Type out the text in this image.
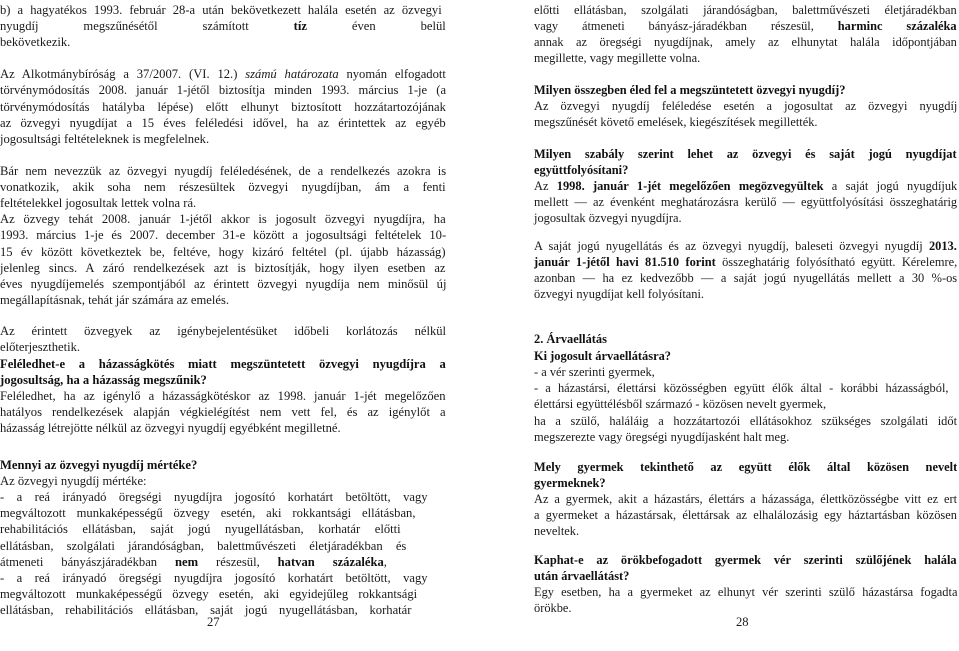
b) a hagyatékos 1993. február 28-a után bekövetkezett halála esetén az özvegyi
nyugdíj megszűnésétől számított tíz éven belül
bekövetkezik.
Az Alkotmánybíróság a 37/2007. (VI. 12.) számú határozata nyomán elfogadott
törvénymódosítás 2008. január 1-jétől biztosítja minden 1993. március 1-je (a
törvénymódosítás hatályba lépése) előtt elhunyt biztosított hozzátartozójának
az özvegyi nyugdíjat a 15 éves feléledési idővel, ha az érintettek az egyéb
jogosultsági feltételeknek is megfelelnek.
Bár nem nevezzük az özvegyi nyugdíj feléledésének, de a rendelkezés azokra is
vonatkozik, akik soha nem részesültek özvegyi nyugdíjban, ám a fenti
feltételekkel jogosultak lettek volna rá.
Az özvegy tehát 2008. január 1-jétől akkor is jogosult özvegyi nyugdíjra, ha
1993. március 1-je és 2007. december 31-e között a jogosultsági feltételek 10-
15 év között következtek be, feltéve, hogy kizáró feltétel (pl. újabb házasság)
jelenleg sincs. A záró rendelkezések azt is biztosítják, hogy ilyen esetben az
éves nyugdíjemelés szempontjából az érintett özvegyi nyugdíja nem minősül új
megállapításnak, tehát jár számára az emelés.
Az érintett özvegyek az igénybejelentésüket időbeli korlátozás nélkül
előterjeszthetik.
Feléledhet-e a házasságkötés miatt megszüntetett özvegyi nyugdíjra a
jogosultság, ha a házasság megszűnik?
Feléledhet, ha az igénylő a házasságkötéskor az 1998. január 1-jét megelőzően
hatályos rendelkezések alapján végkielégítést nem vett fel, és az igénylőt a
házasság létrejötte nélkül az özvegyi nyugdíj egyébként megilletné.
Mennyi az özvegyi nyugdíj mértéke?
Az özvegyi nyugdíj mértéke:
- a reá irányadó öregségi nyugdíjra jogosító korhatárt betöltött, vagy
megváltozott munkaképességű özvegy esetén, aki rokkantsági ellátásban,
rehabilitációs ellátásban, saját jogú nyugellátásban, korhatár előtti
ellátásban, szolgálati járandóságban, balettművészeti életjáradékban és
átmeneti bányászjáradékban nem részesül, hatvan százaléka,
- a reá irányadó öregségi nyugdíjra jogosító korhatárt betöltött, vagy
megváltozott munkaképességű özvegy esetén, aki egyidejűleg rokkantsági
ellátásban, rehabilitációs ellátásban, saját jogú nyugellátásban, korhatár
előtti ellátásban, szolgálati járandóságban, balettművészeti életjáradékban
vagy átmeneti bányász-járadékban részesül, harminc százaléka
annak az öregségi nyugdíjnak, amely az elhunytat halála időpontjában
megillette, vagy megillette volna.
Milyen összegben éled fel a megszüntetett özvegyi nyugdíj?
Az özvegyi nyugdíj feléledése esetén a jogosultat az özvegyi nyugdíj
megszűnését követő emelések, kiegészítések megillették.
Milyen szabály szerint lehet az özvegyi és saját jogú nyugdíjat
együttfolyósítani?
Az 1998. január 1-jét megelőzően megözvegyültek a saját jogú nyugdíjuk
mellett — az évenként meghatározásra kerülő — együttfolyósítási összeghatárig
jogosultak özvegyi nyugdíjra.
A saját jogú nyugellátás és az özvegyi nyugdíj, baleseti özvegyi nyugdíj 2013.
január 1-jétől havi 81.510 forint összeghatárig folyósítható együtt. Kérelemre,
azonban — ha ez kedvezőbb — a saját jogú nyugellátás mellett a 30 %-os
özvegyi nyugdíjat kell folyósítani.
2. Árvaellátás
Ki jogosult árvaellátásra?
- a vér szerinti gyermek,
- a házastársi, élettársi közösségben együtt élők által - korábbi házasságból,
élettársi együttélésből származó - közösen nevelt gyermek,
ha a szülő, haláláig a hozzátartozói ellátásokhoz szükséges szolgálati időt
megszerezte vagy öregségi nyugdíjasként halt meg.
Mely gyermek tekinthető az együtt élők által közösen nevelt
gyermeknek?
Az a gyermek, akit a házastárs, élettárs a házassága, élettközösségbe vitt ez ert
a gyermeket a házastársak, élettársak az elhalálozásig egy háztartásban közösen
neveltek.
Kaphat-e az örökbefogadott gyermek vér szerinti szülőjének halála
után árvaellátást?
Egy esetben, ha a gyermeket az elhunyt vér szerinti szülő házastársa fogadta
örökbe.
27	28
